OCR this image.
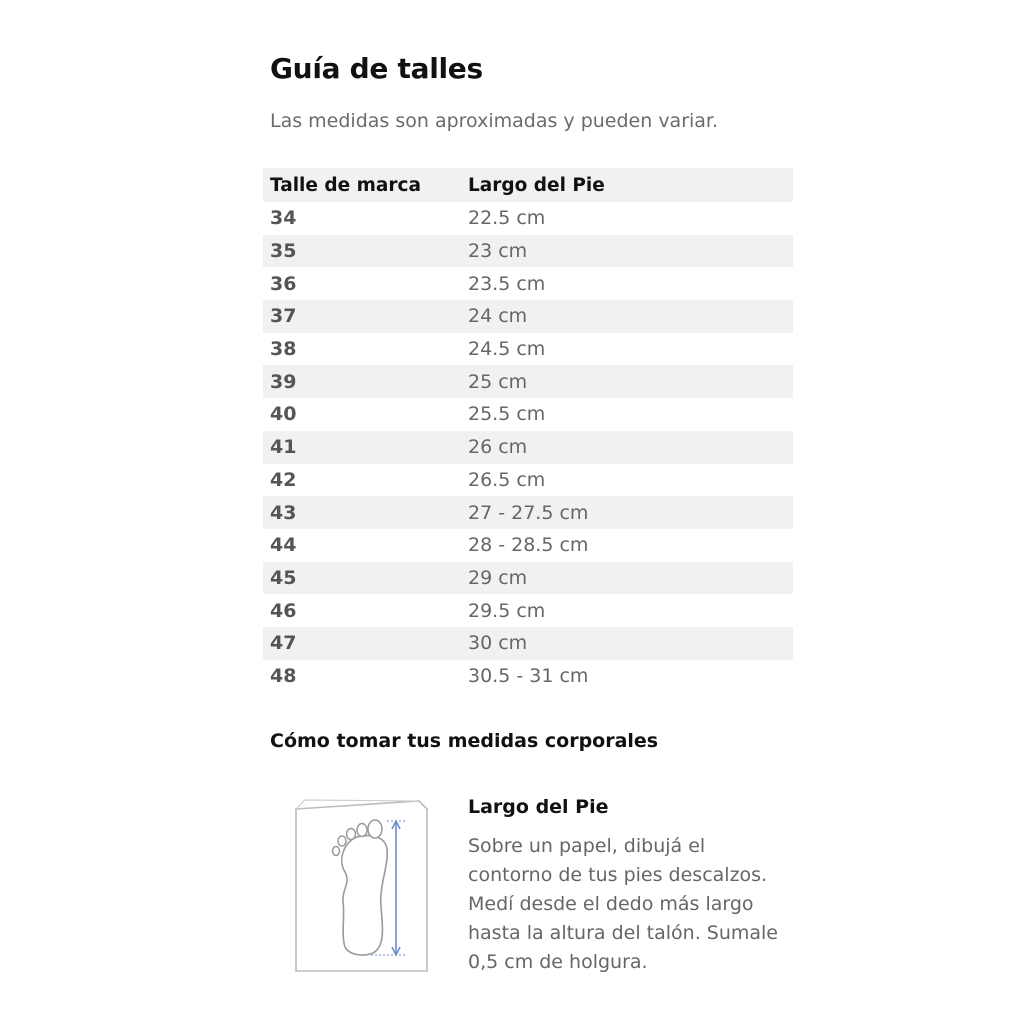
Guía de talles
Las medidas son aproximadas y pueden variar.
Talle de marca	Largo del Pie
34	22.5 cm
35	23 cm
36	23.5 cm
37	24 cm
38	24.5 cm
39	25 cm
40	25.5 cm
41	26 cm
42	26.5 cm
43	27 - 27.5 cm
44	28 - 28.5 cm
45	29 cm
46	29.5 cm
47	30 cm
48	30.5 - 31 cm
Cómo tomar tus medidas corporales
Largo del Pie
Sobre un papel, dibujá el contorno de tus pies descalzos. Medí desde el dedo más largo hasta la altura del talón. Sumale 0,5 cm de holgura.
